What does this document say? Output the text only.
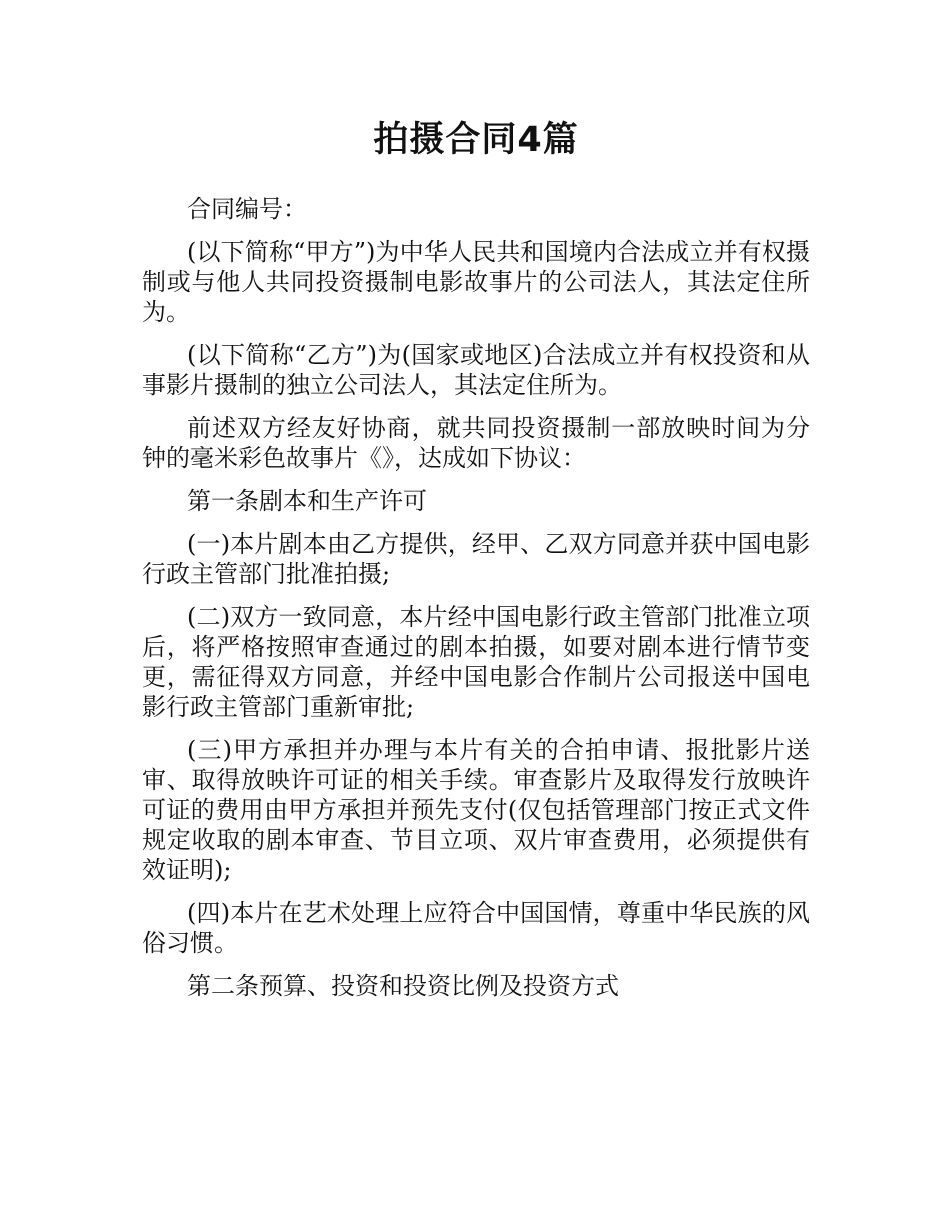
拍摄合同4篇

合同编号：

(以下简称“甲方”)为中华人民共和国境内合法成立并有权摄制或与他人共同投资摄制电影故事片的公司法人，其法定住所为。

(以下简称“乙方”)为(国家或地区)合法成立并有权投资和从事影片摄制的独立公司法人，其法定住所为。

前述双方经友好协商，就共同投资摄制一部放映时间为分钟的毫米彩色故事片《》，达成如下协议：

第一条剧本和生产许可

(一)本片剧本由乙方提供，经甲、乙双方同意并获中国电影行政主管部门批准拍摄;

(二)双方一致同意，本片经中国电影行政主管部门批准立项后，将严格按照审查通过的剧本拍摄，如要对剧本进行情节变更，需征得双方同意，并经中国电影合作制片公司报送中国电影行政主管部门重新审批;

(三)甲方承担并办理与本片有关的合拍申请、报批影片送审、取得放映许可证的相关手续。审查影片及取得发行放映许可证的费用由甲方承担并预先支付(仅包括管理部门按正式文件规定收取的剧本审查、节目立项、双片审查费用，必须提供有效证明);

(四)本片在艺术处理上应符合中国国情，尊重中华民族的风俗习惯。

第二条预算、投资和投资比例及投资方式
